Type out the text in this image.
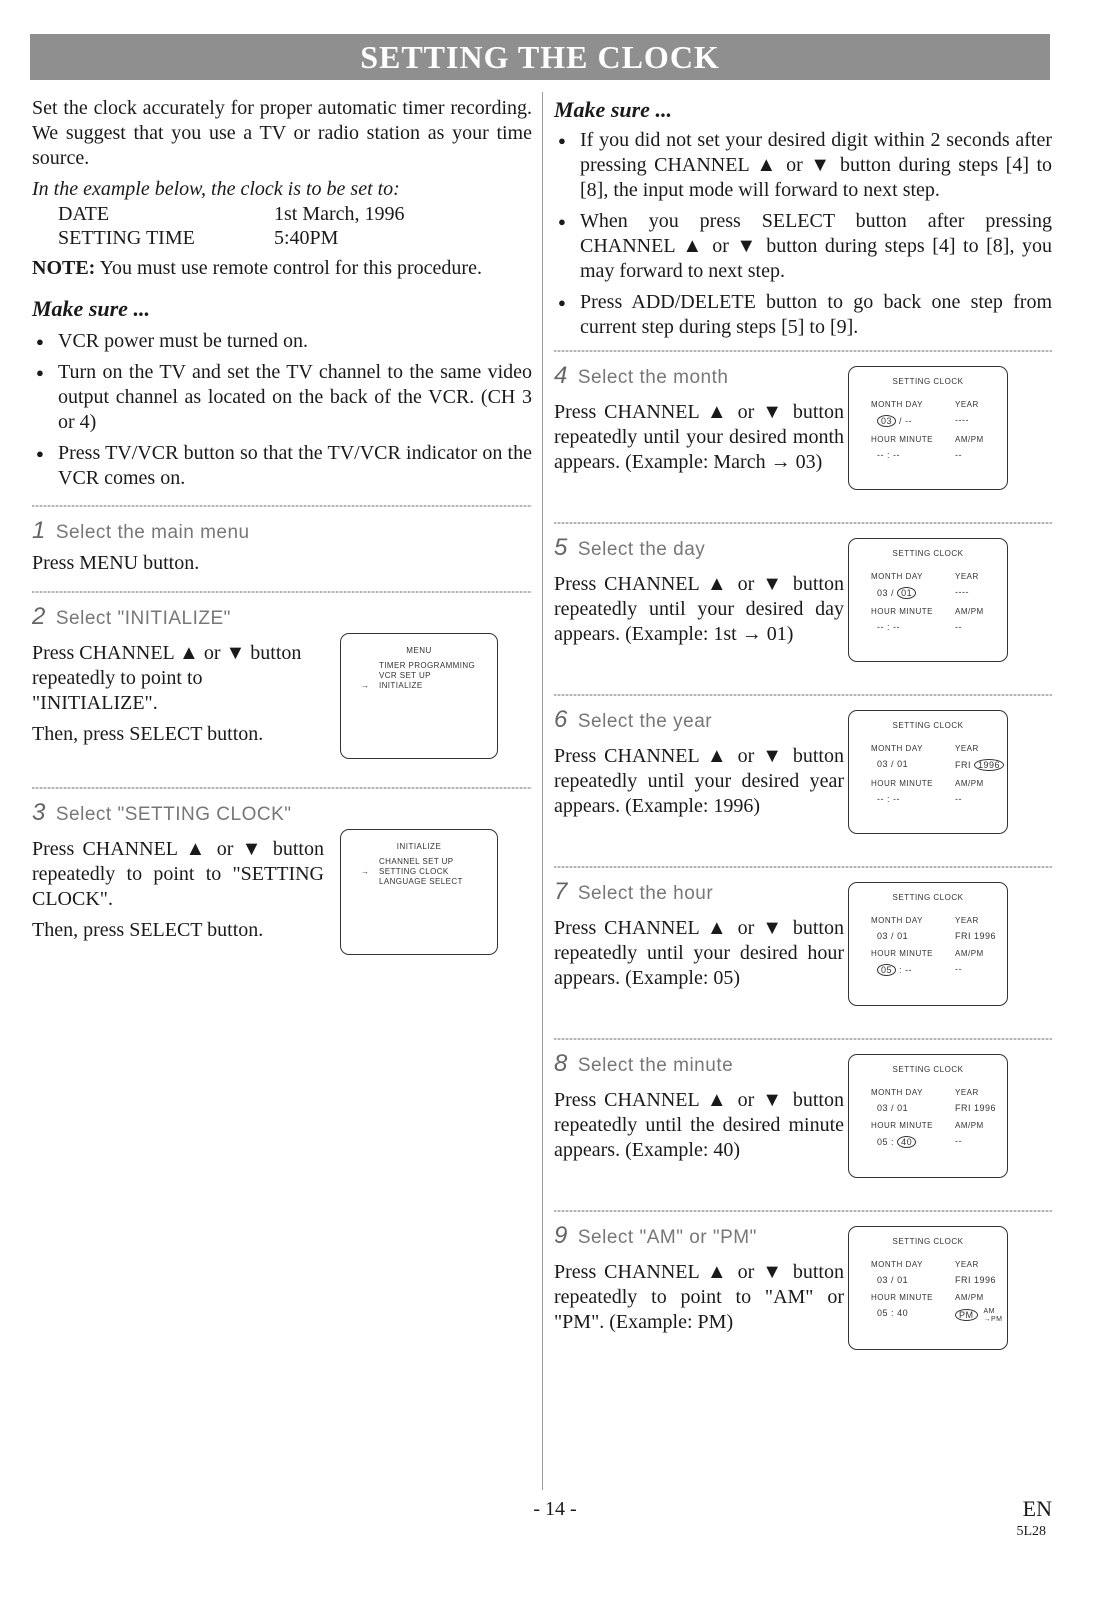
SETTING THE CLOCK

Set the clock accurately for proper automatic timer recording. We suggest that you use a TV or radio station as your time source.

In the example below, the clock is to be set to:

DATE	1st March, 1996
SETTING TIME	5:40PM

NOTE: You must use remote control for this procedure.

Make sure ...

● VCR power must be turned on.
● Turn on the TV and set the TV channel to the same video output channel as located on the back of the VCR. (CH 3 or 4)
● Press TV/VCR button so that the TV/VCR indicator on the VCR comes on.
1 Select the main menu

Press MENU button.

2 Select "INITIALIZE"

Press CHANNEL ▲ or ▼ button repeatedly to point to "INITIALIZE".

Then, press SELECT button.

MENU
TIMER PROGRAMMING
VCR SET UP
→ INITIALIZE
3 Select "SETTING CLOCK"

Press CHANNEL ▲ or ▼ button repeatedly to point to "SETTING CLOCK".

Then, press SELECT button.

INITIALIZE
CHANNEL SET UP
→ SETTING CLOCK
LANGUAGE SELECT

Make sure ...

● If you did not set your desired digit within 2 seconds after pressing CHANNEL ▲ or ▼ button during steps [4] to [8], the input mode will forward to next step.
● When you press SELECT button after pressing CHANNEL ▲ or ▼ button during steps [4] to [8], you may forward to next step.
● Press ADD/DELETE button to go back one step from current step during steps [5] to [9].
4 Select the month

Press CHANNEL ▲ or ▼ button repeatedly until your desired month appears. (Example: March → 03)

SETTING CLOCK
MONTH DAY	YEAR
03 / --	----
HOUR MINUTE	AM/PM
-- : --	--
5 Select the day

Press CHANNEL ▲ or ▼ button repeatedly until your desired day appears. (Example: 1st → 01)

SETTING CLOCK
MONTH DAY	YEAR
03 / 01	----
HOUR MINUTE	AM/PM
-- : --	--
6 Select the year

Press CHANNEL ▲ or ▼ button repeatedly until your desired year appears. (Example: 1996)

SETTING CLOCK
MONTH DAY	YEAR
03 / 01	FRI 1996
HOUR MINUTE	AM/PM
-- : --	--
7 Select the hour

Press CHANNEL ▲ or ▼ button repeatedly until your desired hour appears. (Example: 05)

SETTING CLOCK
MONTH DAY	YEAR
03 / 01	FRI 1996
HOUR MINUTE	AM/PM
05 : --	--
8 Select the minute

Press CHANNEL ▲ or ▼ button repeatedly until the desired minute appears. (Example: 40)

SETTING CLOCK
MONTH DAY	YEAR
03 / 01	FRI 1996
HOUR MINUTE	AM/PM
05 : 40	--
9 Select "AM" or "PM"

Press CHANNEL ▲ or ▼ button repeatedly to point to "AM" or "PM". (Example: PM)

SETTING CLOCK
MONTH DAY	YEAR
03 / 01	FRI 1996
HOUR MINUTE	AM/PM
05 : 40	PM AM
→PM
- 14 -	EN
5L28
